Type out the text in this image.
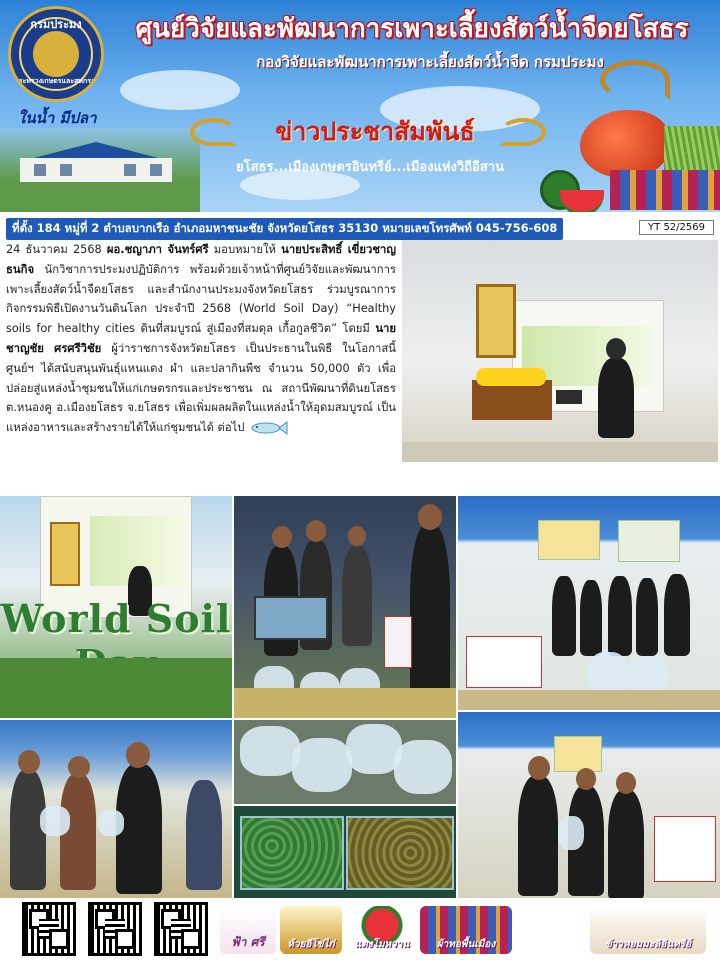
กรมประมง
กระทรวงเกษตรและสหกรณ์
ในน้ำ มีปลา
ศูนย์วิจัยและพัฒนาการเพาะเลี้ยงสัตว์น้ำจืดยโสธร
กองวิจัยและพัฒนาการเพาะเลี้ยงสัตว์น้ำจืด กรมประมง
ข่าวประชาสัมพันธ์
ยโสธร...เมืองเกษตรอินทรีย์...เมืองแห่งวิถีอีสาน
ที่ตั้ง 184 หมู่ที่ 2 ตำบลบากเรือ อำเภอมหาชนะชัย จังหวัดยโสธร 35130 หมายเลขโทรศัพท์ 045-756-608	YT 52/2569
24 ธันวาคม 2568 ผอ.ชญาภา จันทร์ศรี มอบหมายให้ นายประสิทธิ์ เขี่ยวชาญธนกิจ นักวิชาการประมงปฏิบัติการ พร้อมด้วยเจ้าหน้าที่ศูนย์วิจัยและพัฒนาการเพาะเลี้ยงสัตว์น้ำจืดยโสธร และสำนักงานประมงจังหวัดยโสธร ร่วมบูรณาการกิจกรรมพิธีเปิดงานวันดินโลก ประจำปี 2568 (World Soil Day) “Healthy soils for healthy cities ดินที่สมบูรณ์ สู่เมืองที่สมดุล เกื้อกูลชีวิต” โดยมี นายชาญชัย ศรศรีวิชัย ผู้ว่าราชการจังหวัดยโสธร เป็นประธานในพิธี ในโอกาสนี้ศูนย์ฯ ได้สนับสนุนพันธุ์แหนแดง ผำ และปลากินพืช จำนวน 50,000 ตัว เพื่อปล่อยสู่แหล่งน้ำชุมชนให้แก่เกษตรกรและประชาชน ณ สถานีพัฒนาที่ดินยโสธร ต.หนองคู อ.เมืองยโสธร จ.ยโสธร เพื่อเพิ่มผลผลิตในแหล่งน้ำให้อุดมสมบูรณ์ เป็นแหล่งอาหารและสร้างรายได้ให้แก่ชุมชนได้ ต่อไป
World Soil
ฟ้า ศรี	ห้วยอีโข่ไก่	แตงโมหวาน	ผ้าทอพื้นเมือง	ข้าวหอมมะลิอินทรีย์
